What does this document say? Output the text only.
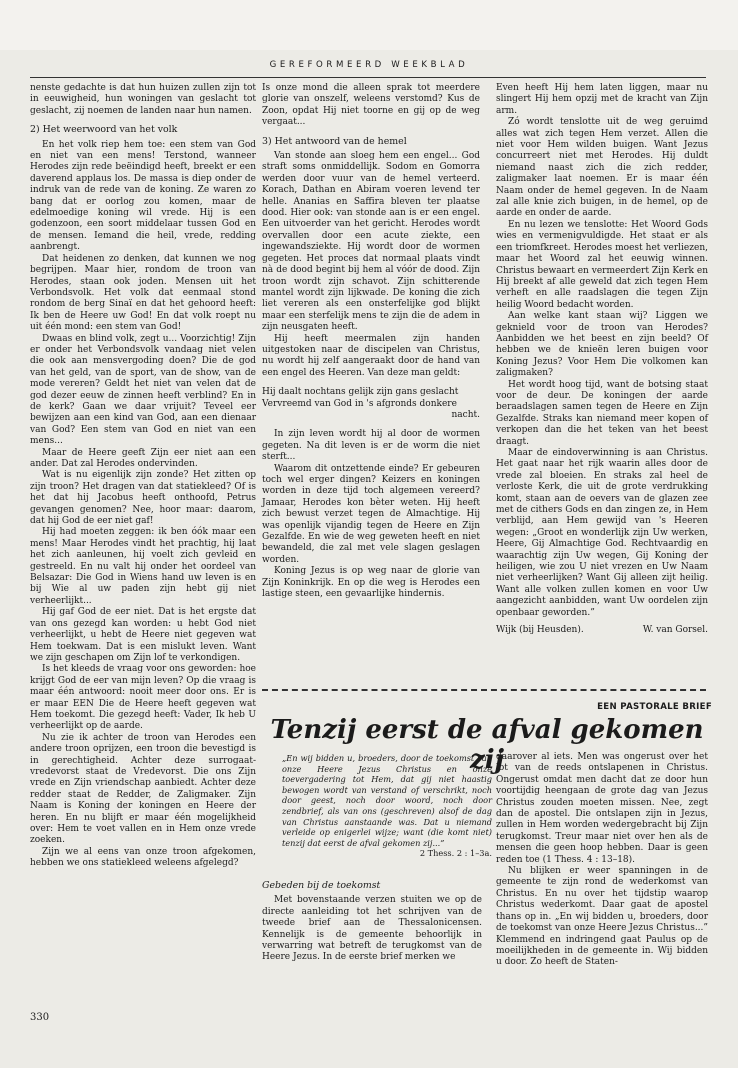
GEREFORMEERD WEEKBLAD

nenste gedachte is dat hun huizen zullen zijn tot in eeuwigheid, hun woningen van geslacht tot geslacht, zij noemen de landen naar hun namen.

2) Het weerwoord van het volk

En het volk riep hem toe: een stem van God en niet van een mens! Terstond, wanneer Herodes zijn rede beëindigd heeft, breekt er een daverend applaus los. De massa is diep onder de indruk van de rede van de koning. Ze waren zo bang dat er oorlog zou komen, maar de edelmoedige koning wil vrede. Hij is een godenzoon, een soort middelaar tussen God en de mensen. Iemand die heil, vrede, redding aanbrengt.

Dat heidenen zo denken, dat kunnen we nog begrijpen. Maar hier, rondom de troon van Herodes, staan ook joden. Mensen uit het Verbondsvolk. Het volk dat eenmaal stond rondom de berg Sinaï en dat het gehoord heeft: Ik ben de Heere uw God! En dat volk roept nu uit één mond: een stem van God!

Dwaas en blind volk, zegt u... Voorzichtig! Zijn er onder het Verbondsvolk vandaag niet velen die ook aan mensvergoding doen? Die de god van het geld, van de sport, van de show, van de mode vereren? Geldt het niet van velen dat de god dezer eeuw de zinnen heeft verblind? En in de kerk? Gaan we daar vrijuit? Teveel eer bewijzen aan een kind van God, aan een dienaar van God? Een stem van God en niet van een mens...

Maar de Heere geeft Zijn eer niet aan een ander. Dat zal Herodes ondervinden.

Wat is nu eigenlijk zijn zonde? Het zitten op zijn troon? Het dragen van dat statiekleed? Of is het dat hij Jacobus heeft onthoofd, Petrus gevangen genomen? Nee, hoor maar: daarom, dat hij God de eer niet gaf!

Hij had moeten zeggen: ik ben óók maar een mens! Maar Herodes vindt het prachtig, hij laat het zich aanleunen, hij voelt zich gevleid en gestreeld. En nu valt hij onder het oordeel van Belsazar: Die God in Wiens hand uw leven is en bij Wie al uw paden zijn hebt gij niet verheerlijkt...

Hij gaf God de eer niet. Dat is het ergste dat van ons gezegd kan worden: u hebt God niet verheerlijkt, u hebt de Heere niet gegeven wat Hem toekwam. Dat is een mislukt leven. Want we zijn geschapen om Zijn lof te verkondigen.

Is het kleeds de vraag voor ons geworden: hoe krijgt God de eer van mijn leven? Op die vraag is maar één antwoord: nooit meer door ons. Er is er maar EEN Die de Heere heeft gegeven wat Hem toekomt. Die gezegd heeft: Vader, Ik heb U verheerlijkt op de aarde.

Nu zie ik achter de troon van Herodes een andere troon oprijzen, een troon die bevestigd is in gerechtigheid. Achter deze surrogaat-vredevorst staat de Vredevorst. Die ons Zijn vrede en Zijn vriendschap aanbiedt. Achter deze redder staat de Redder, de Zaligmaker. Zijn Naam is Koning der koningen en Heere der heren. En nu blijft er maar één mogelijkheid over: Hem te voet vallen en in Hem onze vrede zoeken.

Zijn we al eens van onze troon afgekomen, hebben we ons statiekleed weleens afgelegd?

Is onze mond die alleen sprak tot meerdere glorie van onszelf, weleens verstomd? Kus de Zoon, opdat Hij niet toorne en gij op de weg vergaat...

3) Het antwoord van de hemel

Van stonde aan sloeg hem een engel... God straft soms onmiddellijk. Sodom en Gomorra werden door vuur van de hemel verteerd. Korach, Dathan en Abiram voeren levend ter helle. Ananias en Saffira bleven ter plaatse dood. Hier ook: van stonde aan is er een engel. Een uitvoerder van het gericht. Herodes wordt overvallen door een acute ziekte, een ingewandsziekte. Hij wordt door de wormen gegeten. Het proces dat normaal plaats vindt nà de dood begint bij hem al vóór de dood. Zijn troon wordt zijn schavot. Zijn schitterende mantel wordt zijn lijkwade. De koning die zich liet vereren als een onsterfelijke god blijkt maar een sterfelijk mens te zijn die de adem in zijn neusgaten heeft.

Hij heeft meermalen zijn handen uitgestoken naar de discipelen van Christus, nu wordt hij zelf aangeraakt door de hand van een engel des Heeren. Van deze man geldt:

Hij daalt nochtans gelijk zijn gans geslacht
Vervreemd van God in 's afgronds donkere
nacht.

In zijn leven wordt hij al door de wormen gegeten. Na dit leven is er de worm die niet sterft...

Waarom dit ontzettende einde? Er gebeuren toch wel erger dingen? Keizers en koningen worden in deze tijd toch algemeen vereerd? Jamaar, Herodes kon bèter weten. Hij heeft zich bewust verzet tegen de Almachtige. Hij was openlijk vijandig tegen de Heere en Zijn Gezalfde. En wie de weg geweten heeft en niet bewandeld, die zal met vele slagen geslagen worden.

Koning Jezus is op weg naar de glorie van Zijn Koninkrijk. En op die weg is Herodes een lastige steen, een gevaarlijke hindernis.

Even heeft Hij hem laten liggen, maar nu slingert Hij hem opzij met de kracht van Zijn arm.

Zó wordt tenslotte uit de weg geruimd alles wat zich tegen Hem verzet. Allen die niet voor Hem wilden buigen. Want Jezus concurreert niet met Herodes. Hij duldt niemand naast zich die zich redder, zaligmaker laat noemen. Er is maar één Naam onder de hemel gegeven. In de Naam zal alle knie zich buigen, in de hemel, op de aarde en onder de aarde.

En nu lezen we tenslotte: Het Woord Gods wies en vermenigvuldigde. Het staat er als een triomfkreet. Herodes moest het verliezen, maar het Woord zal het eeuwig winnen. Christus bewaart en vermeerdert Zijn Kerk en Hij breekt af alle geweld dat zich tegen Hem verheft en alle raadslagen die tegen Zijn heilig Woord bedacht worden.

Aan welke kant staan wij? Liggen we geknield voor de troon van Herodes? Aanbidden we het beest en zijn beeld? Of hebben we de knieën leren buigen voor Koning Jezus? Voor Hem Die volkomen kan zaligmaken?

Het wordt hoog tijd, want de botsing staat voor de deur. De koningen der aarde beraadslagen samen tegen de Heere en Zijn Gezalfde. Straks kan niemand meer kopen of verkopen dan die het teken van het beest draagt.

Maar de eindoverwinning is aan Christus. Het gaat naar het rijk waarin alles door de vrede zal bloeien. En straks zal heel de verloste Kerk, die uit de grote verdrukking komt, staan aan de oevers van de glazen zee met de cithers Gods en dan zingen ze, in Hem verblijd, aan Hem gewijd van 's Heeren wegen: „Groot en wonderlijk zijn Uw werken, Heere, Gij Almachtige God. Rechtvaardig en waarachtig zijn Uw wegen, Gij Koning der heiligen, wie zou U niet vrezen en Uw Naam niet verheerlijken? Want Gij alleen zijt heilig. Want alle volken zullen komen en voor Uw aangezicht aanbidden, want Uw oordelen zijn openbaar geworden.”

Wijk (bij Heusden).	W. van Gorsel.
EEN PASTORALE BRIEF
Tenzij eerst de afval gekomen zij
„En wij bidden u, broeders, door de toekomst van onze Heere Jezus Christus en onze toevergadering tot Hem, dat gij niet haastig bewogen wordt van verstand of verschrikt, noch door geest, noch door woord, noch door zendbrief, als van ons (geschreven) alsof de dag van Christus aanstaande was. Dat u niemand verleide op enigerlei wijze; want (die komt niet) tenzij dat eerst de afval gekomen zij...”
2 Thess. 2 : 1–3a.
Gebeden bij de toekomst

Met bovenstaande verzen stuiten we op de directe aanleiding tot het schrijven van de tweede brief aan de Thessalonicensen. Kennelijk is de gemeente behoorlijk in verwarring wat betreft de terugkomst van de Heere Jezus. In de eerste brief merken we

daarover al iets. Men was ongerust over het lot van de reeds ontslapenen in Christus. Ongerust omdat men dacht dat ze door hun voortijdig heengaan de grote dag van Jezus Christus zouden moeten missen. Nee, zegt dan de apostel. Die ontslapen zijn in Jezus, zullen in Hem worden wedergebracht bij Zijn terugkomst. Treur maar niet over hen als de mensen die geen hoop hebben. Daar is geen reden toe (1 Thess. 4 : 13–18).

Nu blijken er weer spanningen in de gemeente te zijn rond de wederkomst van Christus. En nu over het tijdstip waarop Christus wederkomt. Daar gaat de apostel thans op in. „En wij bidden u, broeders, door de toekomst van onze Heere Jezus Christus...” Klemmend en indringend gaat Paulus op de moeilijkheden in de gemeente in. Wij bidden u door. Zo heeft de Staten-

330
